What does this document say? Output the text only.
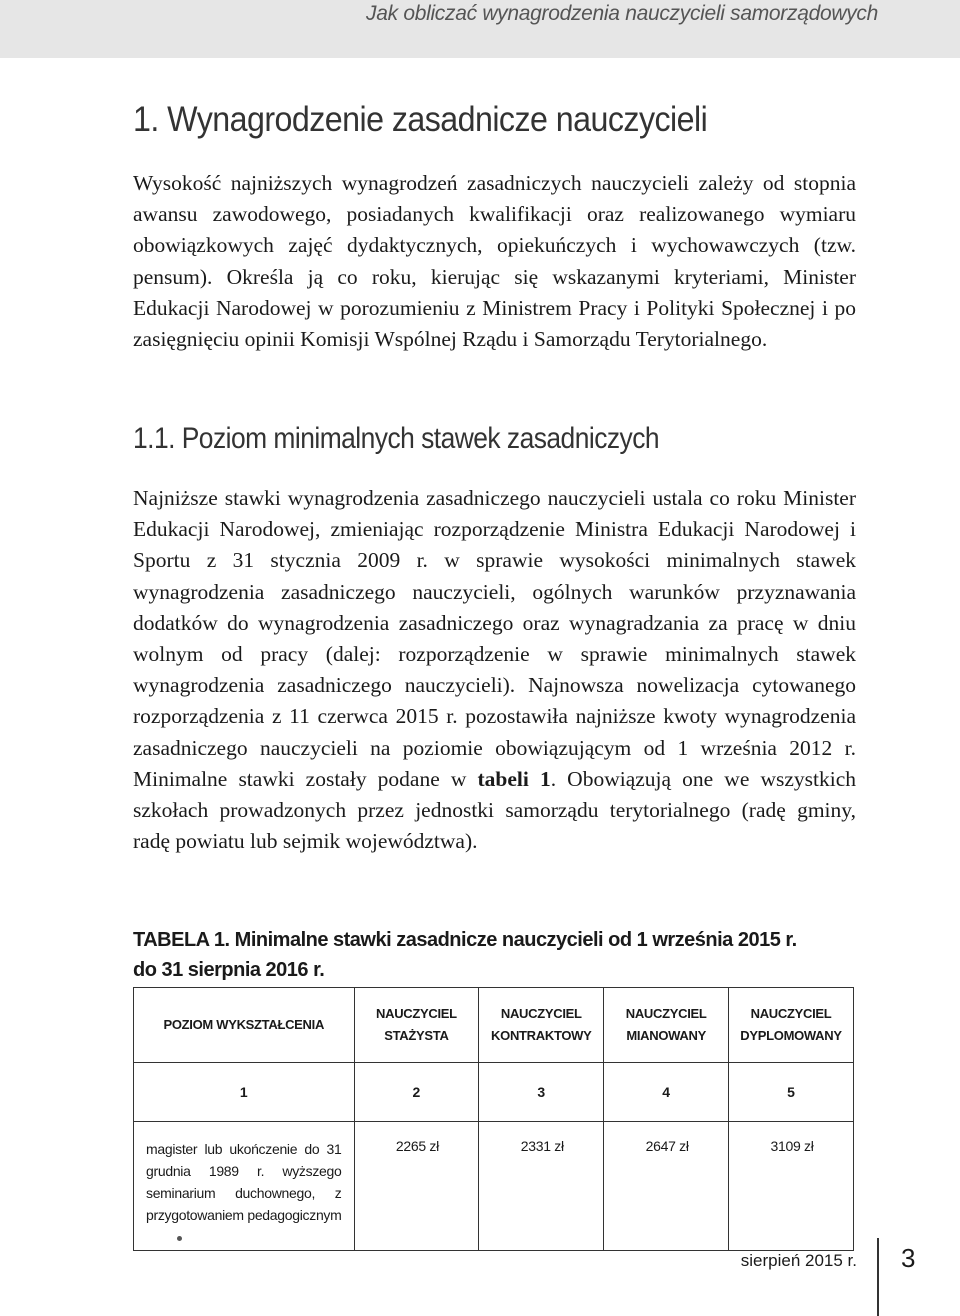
Jak obliczać wynagrodzenia nauczycieli samorządowych
1. Wynagrodzenie zasadnicze nauczycieli

Wysokość najniższych wynagrodzeń zasadniczych nauczycieli zależy od stopnia awansu zawodowego, posiadanych kwalifikacji oraz realizowanego wymiaru obowiązkowych zajęć dydaktycznych, opiekuńczych i wychowawczych (tzw. pensum). Określa ją co roku, kierując się wskazanymi kryteriami, Minister Edukacji Narodowej w porozumieniu z Ministrem Pracy i Polityki Społecznej i po zasięgnięciu opinii Komisji Wspólnej Rządu i Samorządu Terytorialnego.

1.1. Poziom minimalnych stawek zasadniczych

Najniższe stawki wynagrodzenia zasadniczego nauczycieli ustala co roku Minister Edukacji Narodowej, zmieniając rozporządzenie Ministra Edukacji Narodowej i Sportu z 31 stycznia 2009 r. w sprawie wysokości minimalnych stawek wynagrodzenia zasadniczego nauczycieli, ogólnych warunków przyznawania dodatków do wynagrodzenia zasadniczego oraz wynagradzania za pracę w dniu wolnym od pracy (dalej: rozporządzenie w sprawie minimalnych stawek wynagrodzenia zasadniczego nauczycieli). Najnowsza nowelizacja cytowanego rozporządzenia z 11 czerwca 2015 r. pozostawiła najniższe kwoty wynagrodzenia zasadniczego nauczycieli na poziomie obowiązującym od 1 września 2012 r. Minimalne stawki zostały podane w tabeli 1. Obowiązują one we wszystkich szkołach prowadzonych przez jednostki samorządu terytorialnego (radę gminy, radę powiatu lub sejmik województwa).

TABELA 1. Minimalne stawki zasadnicze nauczycieli od 1 września 2015 r.
do 31 sierpnia 2016 r.
POZIOM WYKSZTAŁCENIA	NAUCZYCIEL STAŻYSTA	NAUCZYCIEL KONTRAKTOWY	NAUCZYCIEL MIANOWANY	NAUCZYCIEL DYPLOMOWANY
1	2	3	4	5
magister lub ukończenie do 31 grudnia 1989 r. wyższego seminarium duchownego, z przygotowaniem pedagogicznym	2265 zł	2331 zł	2647 zł	3109 zł
sierpień 2015 r. 3
